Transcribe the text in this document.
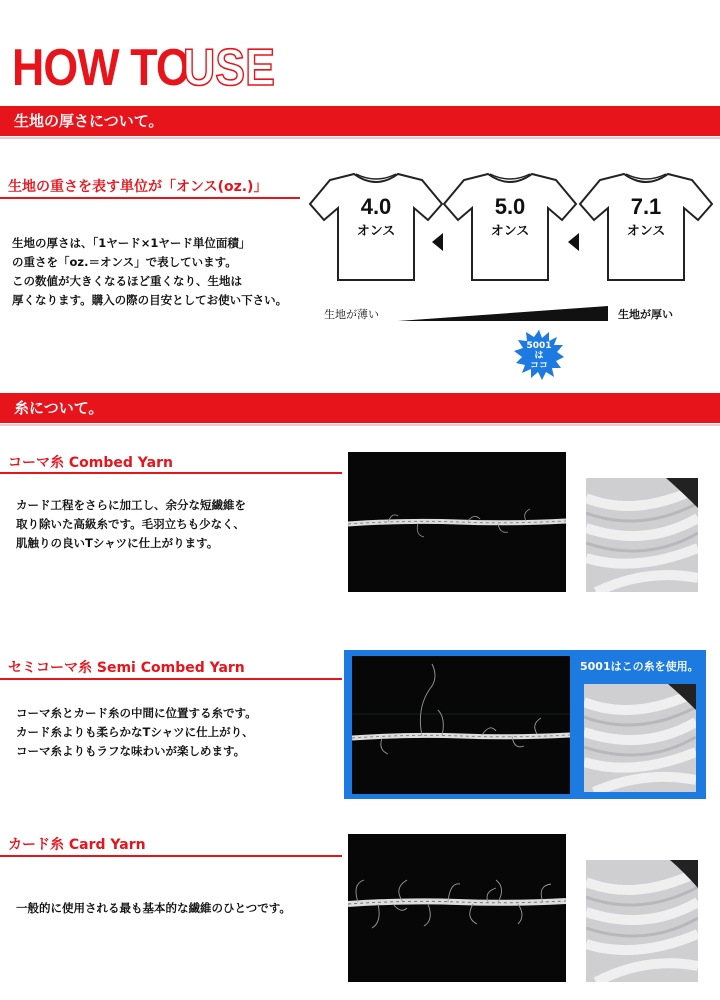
HOW TO
USE
生地の厚さについて。
生地の重さを表す単位が「オンス(oz.)」
生地の厚さは、「1ヤード×1ヤード単位面積」
の重さを「oz.＝オンス」で表しています。
この数値が大きくなるほど重くなり、生地は
厚くなります。購入の際の目安としてお使い下さい。
4.0
オンス
5.0
オンス
7.1
オンス
生地が薄い	生地が厚い
5001
は
ココ
糸について。
コーマ糸 Combed Yarn
カード工程をさらに加工し、余分な短繊維を
取り除いた高級糸です。毛羽立ちも少なく、
肌触りの良いTシャツに仕上がります。
セミコーマ糸 Semi Combed Yarn
コーマ糸とカード糸の中間に位置する糸です。
カード糸よりも柔らかなTシャツに仕上がり、
コーマ糸よりもラフな味わいが楽しめます。
5001はこの糸を使用。
カード糸 Card Yarn
一般的に使用される最も基本的な繊維のひとつです。
